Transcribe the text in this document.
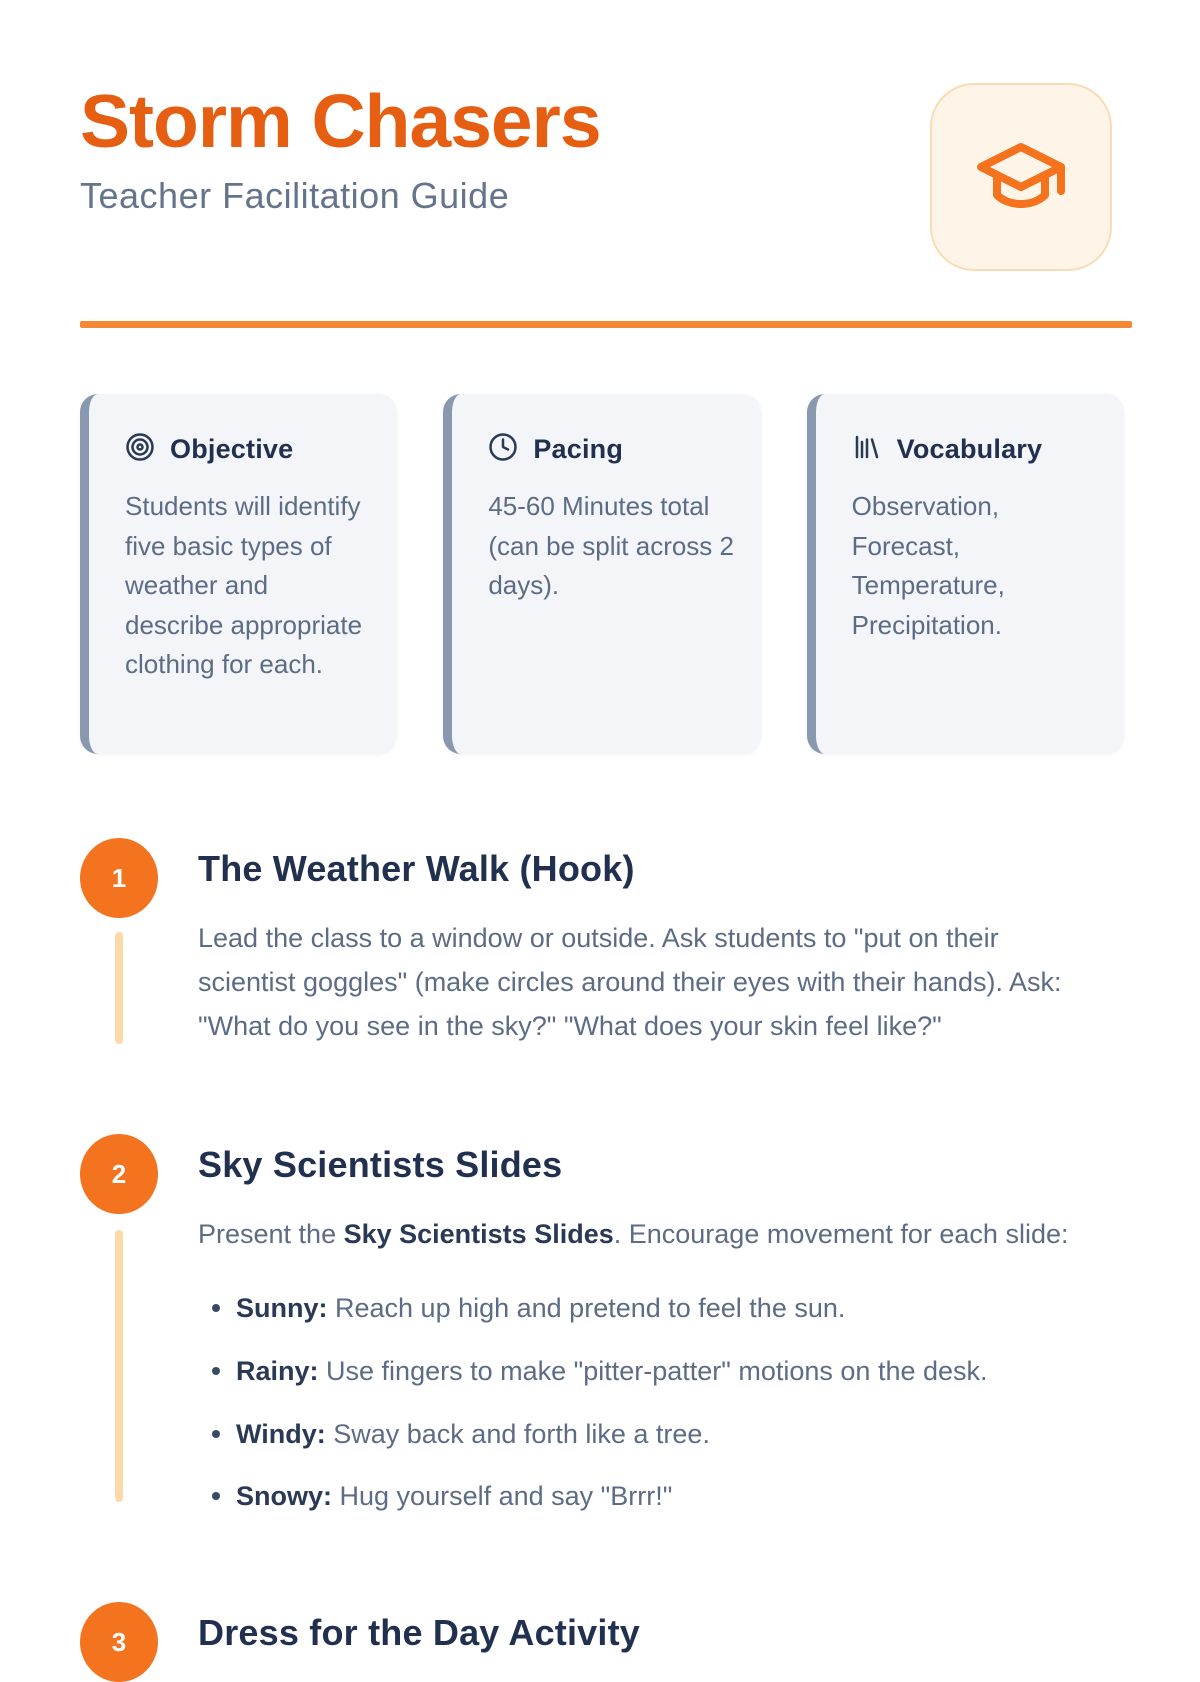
Storm Chasers
Teacher Facilitation Guide
Objective
Students will identify five basic types of weather and describe appropriate clothing for each.
Pacing
45-60 Minutes total (can be split across 2 days).
Vocabulary
Observation, Forecast, Temperature, Precipitation.
1	The Weather Walk (Hook)
Lead the class to a window or outside. Ask students to "put on their scientist goggles" (make circles around their eyes with their hands). Ask: "What do you see in the sky?" "What does your skin feel like?"
2	Sky Scientists Slides
Present the Sky Scientists Slides. Encourage movement for each slide:
Sunny: Reach up high and pretend to feel the sun.
Rainy: Use fingers to make "pitter-patter" motions on the desk.
Windy: Sway back and forth like a tree.
Snowy: Hug yourself and say "Brrr!"
3	Dress for the Day Activity
